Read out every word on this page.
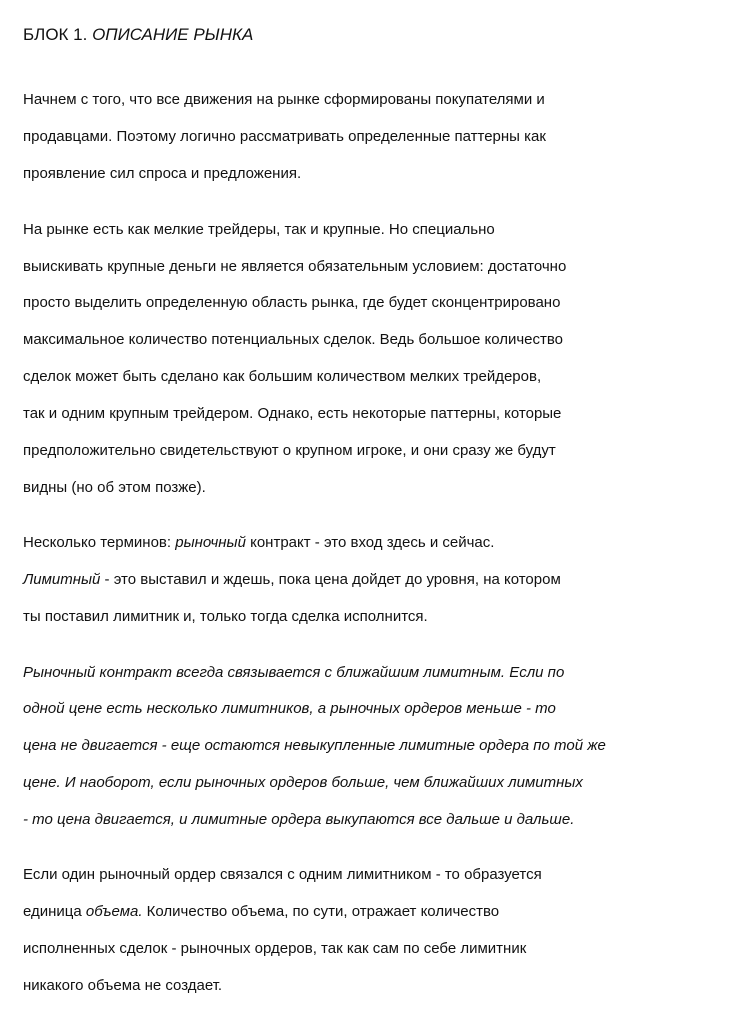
БЛОК 1. ОПИСАНИЕ РЫНКА

Начнем с того, что все движения на рынке сформированы покупателями и

продавцами. Поэтому логично рассматривать определенные паттерны как

проявление сил спроса и предложения.

На рынке есть как мелкие трейдеры, так и крупные. Но специально

выискивать крупные деньги не является обязательным условием: достаточно

просто выделить определенную область рынка, где будет сконцентрировано

максимальное количество потенциальных сделок. Ведь большое количество

сделок может быть сделано как большим количеством мелких трейдеров,

так и одним крупным трейдером. Однако, есть некоторые паттерны, которые

предположительно свидетельствуют о крупном игроке, и они сразу же будут

видны (но об этом позже).

Несколько терминов: рыночный контракт - это вход здесь и сейчас.

Лимитный - это выставил и ждешь, пока цена дойдет до уровня, на котором

ты поставил лимитник и, только тогда сделка исполнится.

Рыночный контракт всегда связывается с ближайшим лимитным. Если по

одной цене есть несколько лимитников, а рыночных ордеров меньше - то

цена не двигается - еще остаются невыкупленные лимитные ордера по той же

цене. И наоборот, если рыночных ордеров больше, чем ближайших лимитных

- то цена двигается, и лимитные ордера выкупаются все дальше и дальше.

Если один рыночный ордер связался с одним лимитником - то образуется

единица объема. Количество объема, по сути, отражает количество

исполненных сделок - рыночных ордеров, так как сам по себе лимитник

никакого объема не создает.
